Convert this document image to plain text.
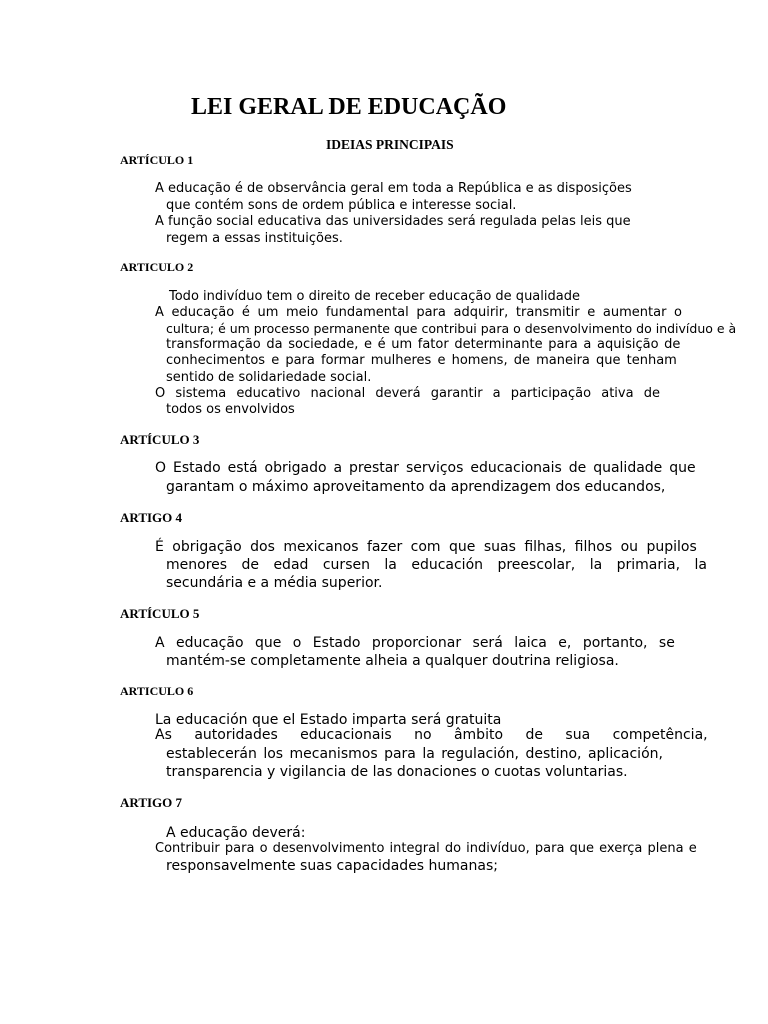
LEI GERAL DE EDUCAÇÃO
IDEIAS PRINCIPAIS
ARTÍCULO 1
A educação é de observância geral em toda a República e as disposições
que contém sons de ordem pública e interesse social.
A função social educativa das universidades será regulada pelas leis que
regem a essas instituições.
ARTICULO 2
Todo indivíduo tem o direito de receber educação de qualidade
A educação é um meio fundamental para adquirir, transmitir e aumentar o
cultura; é um processo permanente que contribui para o desenvolvimento do indivíduo e à
transformação da sociedade, e é um fator determinante para a aquisição de
conhecimentos e para formar mulheres e homens, de maneira que tenham
sentido de solidariedade social.
O sistema educativo nacional deverá garantir a participação ativa de
todos os envolvidos
ARTÍCULO 3
O Estado está obrigado a prestar serviços educacionais de qualidade que
garantam o máximo aproveitamento da aprendizagem dos educandos,
ARTIGO 4
É obrigação dos mexicanos fazer com que suas filhas, filhos ou pupilos
menores de edad cursen la educación preescolar, la primaria, la
secundária e a média superior.
ARTÍCULO 5
A educação que o Estado proporcionar será laica e, portanto, se
mantém-se completamente alheia a qualquer doutrina religiosa.
ARTICULO 6
La educación que el Estado imparta será gratuita
As autoridades educacionais no âmbito de sua competência,
establecerán los mecanismos para la regulación, destino, aplicación,
transparencia y vigilancia de las donaciones o cuotas voluntarias.
ARTIGO 7
A educação deverá:
Contribuir para o desenvolvimento integral do indivíduo, para que exerça plena e
responsavelmente suas capacidades humanas;
